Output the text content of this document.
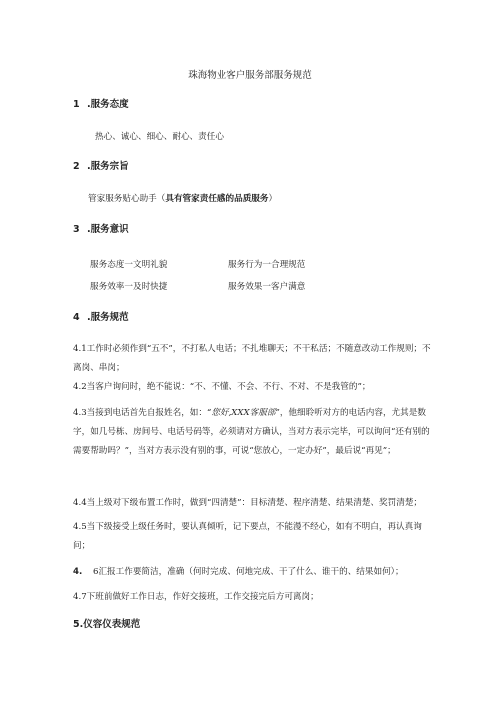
珠海物业客户服务部服务规范
1 .服务态度
热心、诚心、细心、耐心、责任心
2 .服务宗旨
管家服务贴心助手（具有管家责任感的品质服务）
3 .服务意识
服务态度一文明礼貌	服务行为一合理规范
服务效率一及时快捷	服务效果一客户满意
4 .服务规范
4.1工作时必须作到“五不”，不打私人电话；不扎堆聊天；不干私活；不随意改动工作规则；不离岗、串岗；
4.2当客户询问时，绝不能说：“不、不懂、不会、不行、不对、不是我管的”；
4.3当接到电话首先自报姓名，如：“您好,XXX客服部”，他细聆听对方的电话内容，尤其是数字，如几号栋、房间号、电话号码等，必须请对方确认，当对方表示完毕，可以询问“还有别的需要帮助吗？”，当对方表示没有别的事，可说“您放心，一定办好”，最后说“再见”；
4.4当上级对下级布置工作时，做到“四清楚”：目标清楚、程序清楚、结果清楚、奖罚清楚；
4.5当下级接受上级任务时，要认真倾听，记下要点，不能漫不经心，如有不明白，再认真询问；
4. 6汇报工作要简洁，准确（何时完成、何地完成、干了什么、谁干的、结果如何）；
4.7下班前做好工作日志，作好交接班，工作交接完后方可离岗；
5.仪容仪表规范
